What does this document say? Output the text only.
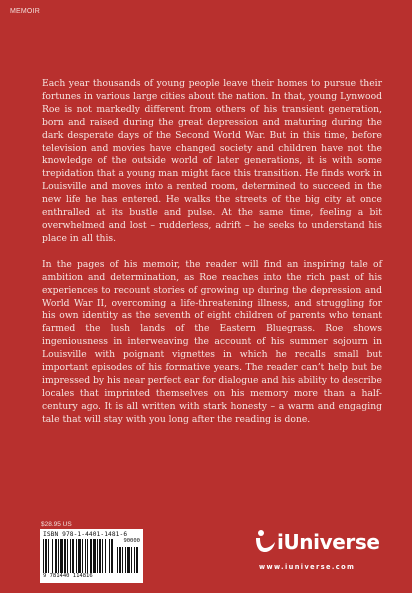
MEMOIR

Each year thousands of young people leave their homes to pursue their fortunes in various large cities about the nation. In that, young Lynwood Roe is not markedly different from others of his transient generation, born and raised during the great depression and maturing during the dark desperate days of the Second World War. But in this time, before television and movies have changed society and children have not the knowledge of the outside world of later generations, it is with some trepidation that a young man might face this transition. He finds work in Louisville and moves into a rented room, determined to succeed in the new life he has entered. He walks the streets of the big city at once enthralled at its bustle and pulse. At the same time, feeling a bit overwhelmed and lost – rudderless, adrift – he seeks to understand his place in all this.

In the pages of his memoir, the reader will find an inspiring tale of ambition and determination, as Roe reaches into the rich past of his experiences to recount stories of growing up during the depression and World War II, overcoming a life-threatening illness, and struggling for his own identity as the seventh of eight children of parents who tenant farmed the lush lands of the Eastern Bluegrass. Roe shows ingeniousness in interweaving the account of his summer sojourn in Louisville with poignant vignettes in which he recalls small but important episodes of his formative years. The reader can’t help but be impressed by his near perfect ear for dialogue and his ability to describe locales that imprinted themselves on his memory more than a half-century ago. It is all written with stark honesty – a warm and engaging tale that will stay with you long after the reading is done.

$28.95 US
ISBN 978-1-4401-1481-6
9 781440 114816
90000	iUniverse
www.iuniverse.com
